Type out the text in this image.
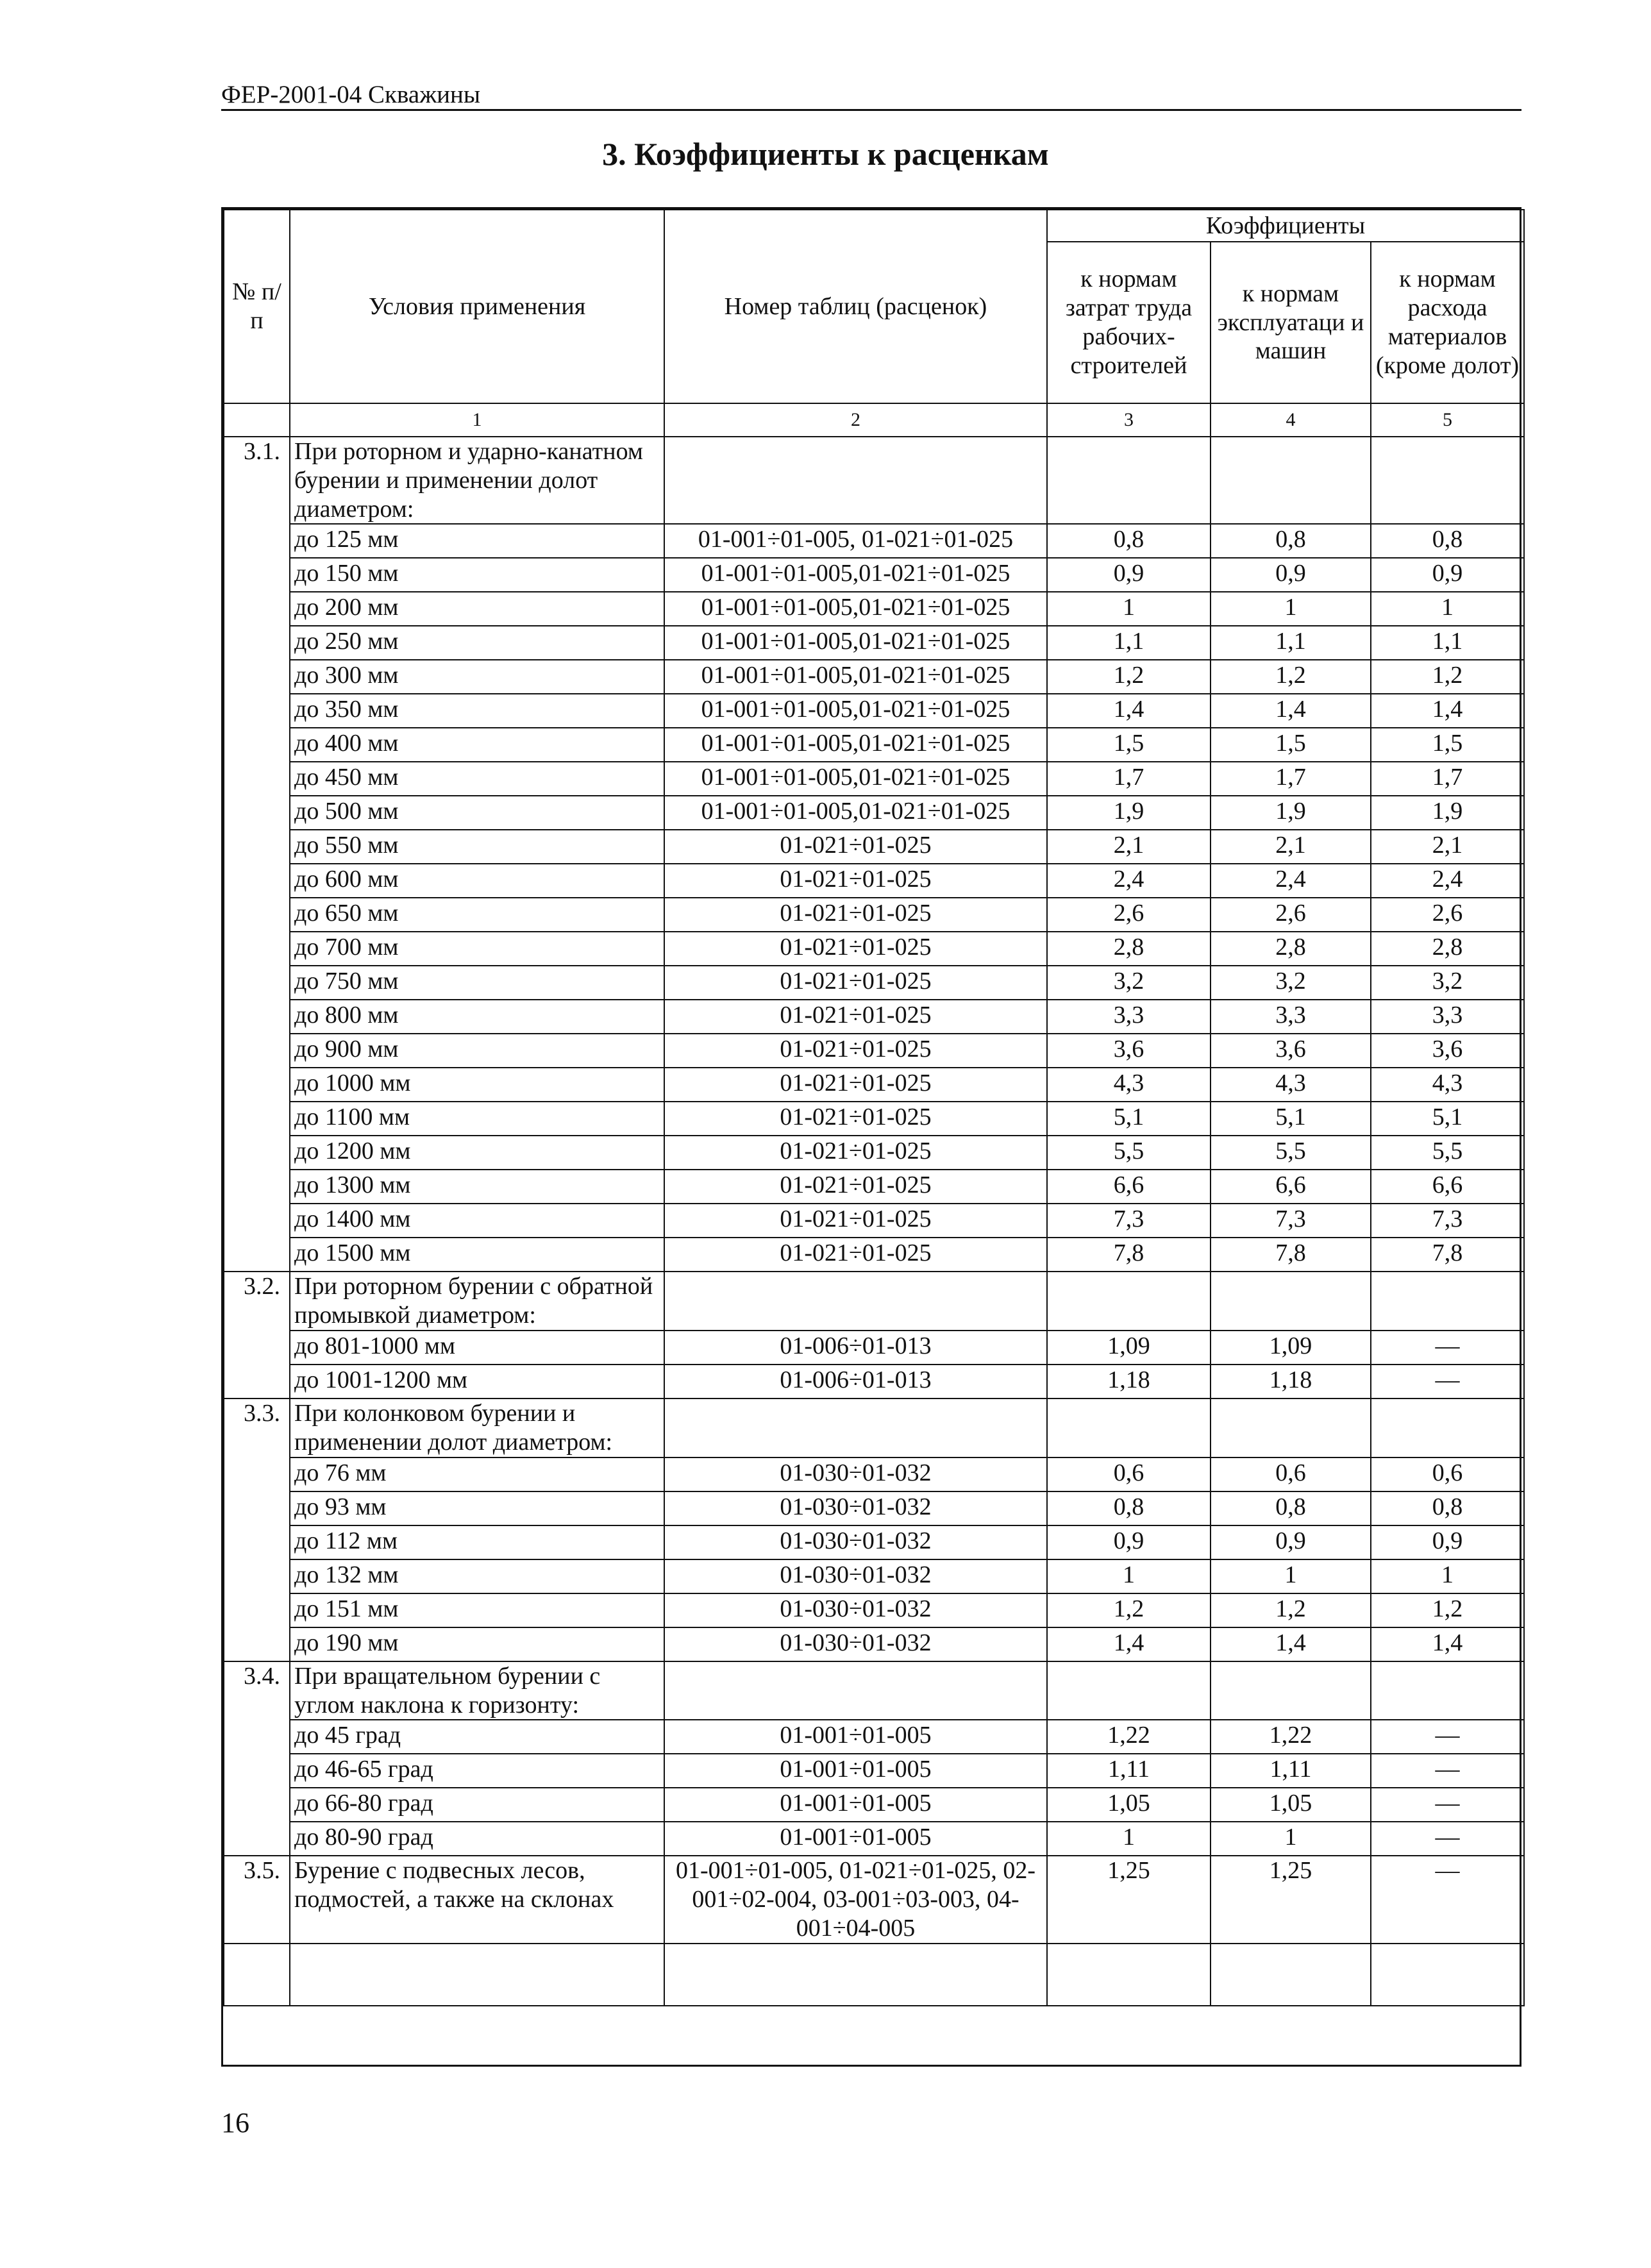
ФЕР-2001-04 Скважины
3. Коэффициенты к расценкам
№ п/п	Условия применения	Номер таблиц (расценок)	Коэффициенты		
			к нормам затрат труда рабочих-строителей	к нормам эксплуатаци и машин	к нормам расхода материалов (кроме долот)
	1	2	3	4	5
3.1.	При роторном и ударно-канатном бурении и применении долот диаметром:				
	до 125 мм	01-001÷01-005, 01-021÷01-025	0,8	0,8	0,8
	до 150 мм	01-001÷01-005,01-021÷01-025	0,9	0,9	0,9
	до 200 мм	01-001÷01-005,01-021÷01-025	1	1	1
	до 250 мм	01-001÷01-005,01-021÷01-025	1,1	1,1	1,1
	до 300 мм	01-001÷01-005,01-021÷01-025	1,2	1,2	1,2
	до 350 мм	01-001÷01-005,01-021÷01-025	1,4	1,4	1,4
	до 400 мм	01-001÷01-005,01-021÷01-025	1,5	1,5	1,5
	до 450 мм	01-001÷01-005,01-021÷01-025	1,7	1,7	1,7
	до 500 мм	01-001÷01-005,01-021÷01-025	1,9	1,9	1,9
	до 550 мм	01-021÷01-025	2,1	2,1	2,1
	до 600 мм	01-021÷01-025	2,4	2,4	2,4
	до 650 мм	01-021÷01-025	2,6	2,6	2,6
	до 700 мм	01-021÷01-025	2,8	2,8	2,8
	до 750 мм	01-021÷01-025	3,2	3,2	3,2
	до 800 мм	01-021÷01-025	3,3	3,3	3,3
	до 900 мм	01-021÷01-025	3,6	3,6	3,6
	до 1000 мм	01-021÷01-025	4,3	4,3	4,3
	до 1100 мм	01-021÷01-025	5,1	5,1	5,1
	до 1200 мм	01-021÷01-025	5,5	5,5	5,5
	до 1300 мм	01-021÷01-025	6,6	6,6	6,6
	до 1400 мм	01-021÷01-025	7,3	7,3	7,3
	до 1500 мм	01-021÷01-025	7,8	7,8	7,8
3.2.	При роторном бурении с обратной промывкой диаметром:				
	до 801-1000 мм	01-006÷01-013	1,09	1,09	—
	до 1001-1200 мм	01-006÷01-013	1,18	1,18	—
3.3.	При колонковом бурении и применении долот диаметром:				
	до 76 мм	01-030÷01-032	0,6	0,6	0,6
	до 93 мм	01-030÷01-032	0,8	0,8	0,8
	до 112 мм	01-030÷01-032	0,9	0,9	0,9
	до 132 мм	01-030÷01-032	1	1	1
	до 151 мм	01-030÷01-032	1,2	1,2	1,2
	до 190 мм	01-030÷01-032	1,4	1,4	1,4
3.4.	При вращательном бурении с углом наклона к горизонту:				
	до 45 град	01-001÷01-005	1,22	1,22	—
	до 46-65 град	01-001÷01-005	1,11	1,11	—
	до 66-80 град	01-001÷01-005	1,05	1,05	—
	до 80-90 град	01-001÷01-005	1	1	—
3.5.	Бурение с подвесных лесов, подмостей, а также на склонах	01-001÷01-005, 01-021÷01-025, 02-001÷02-004, 03-001÷03-003, 04-001÷04-005	1,25	1,25	—

16
